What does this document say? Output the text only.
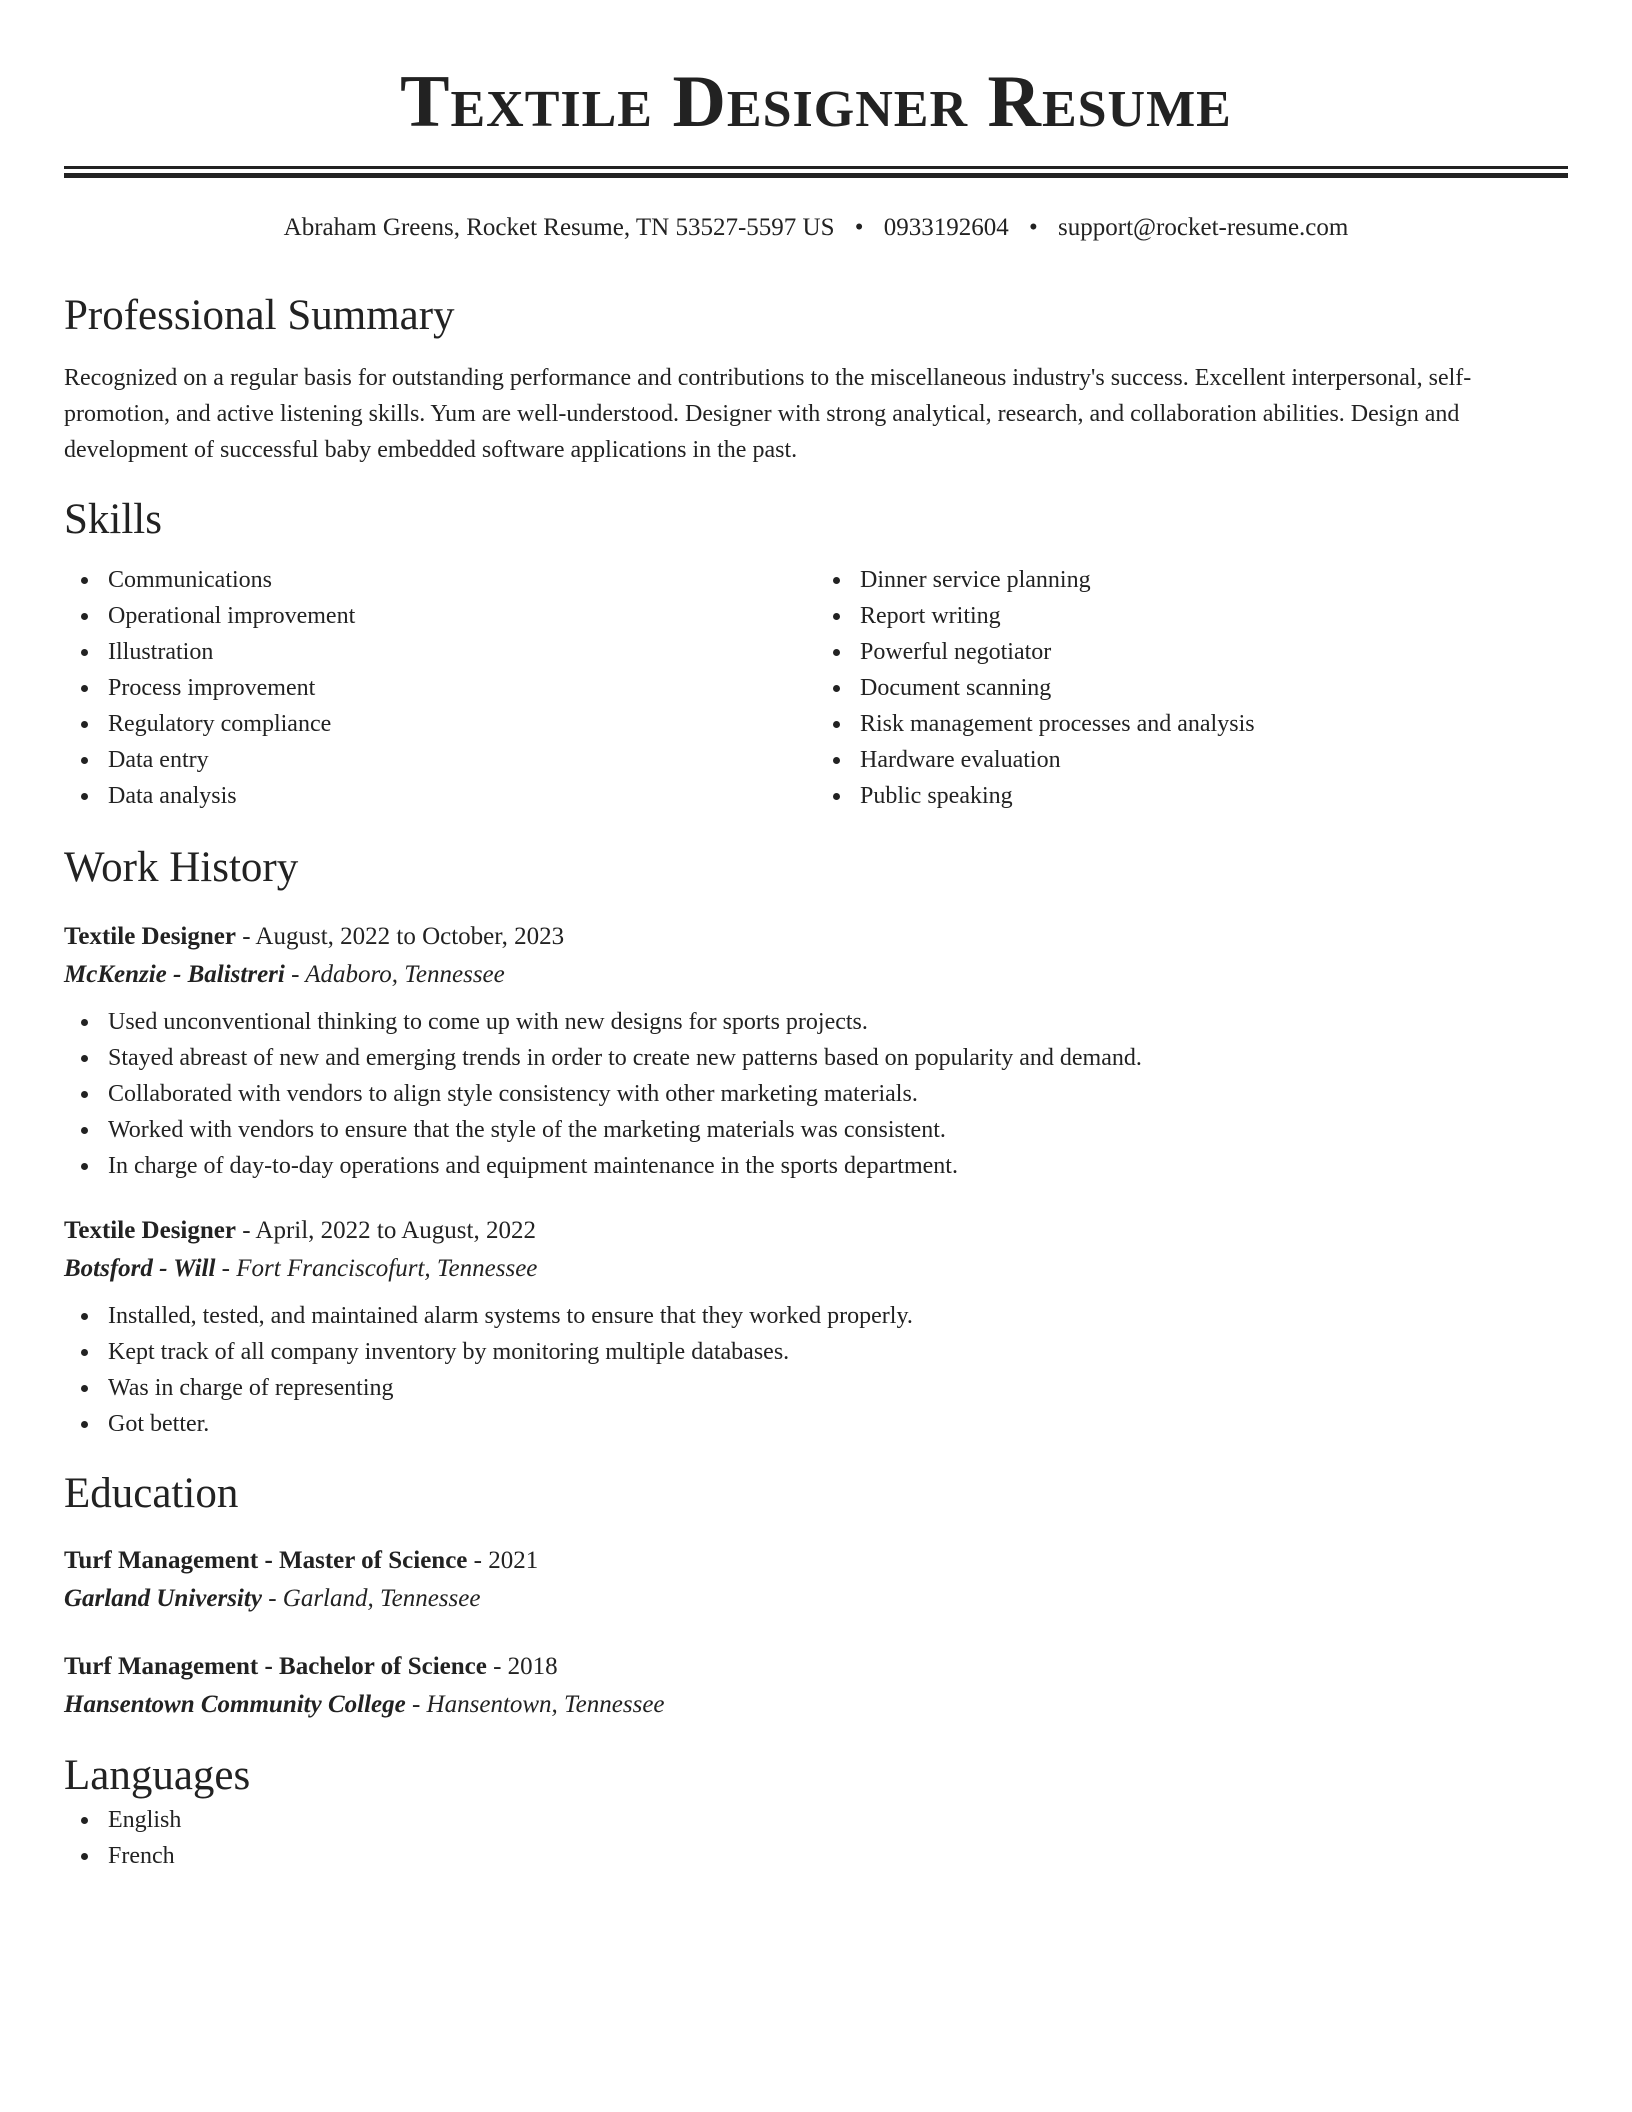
Textile Designer Resume
Abraham Greens, Rocket Resume, TN 53527-5597 US • 0933192604 • support@rocket-resume.com
Professional Summary
Recognized on a regular basis for outstanding performance and contributions to the miscellaneous industry's success. Excellent interpersonal, self-promotion, and active listening skills. Yum are well-understood. Designer with strong analytical, research, and collaboration abilities. Design and development of successful baby embedded software applications in the past.
Skills
Communications
Operational improvement
Illustration
Process improvement
Regulatory compliance
Data entry
Data analysis
Dinner service planning
Report writing
Powerful negotiator
Document scanning
Risk management processes and analysis
Hardware evaluation
Public speaking
Work History
Textile Designer - August, 2022 to October, 2023
McKenzie - Balistreri - Adaboro, Tennessee
Used unconventional thinking to come up with new designs for sports projects.
Stayed abreast of new and emerging trends in order to create new patterns based on popularity and demand.
Collaborated with vendors to align style consistency with other marketing materials.
Worked with vendors to ensure that the style of the marketing materials was consistent.
In charge of day-to-day operations and equipment maintenance in the sports department.
Textile Designer - April, 2022 to August, 2022
Botsford - Will - Fort Franciscofurt, Tennessee
Installed, tested, and maintained alarm systems to ensure that they worked properly.
Kept track of all company inventory by monitoring multiple databases.
Was in charge of representing
Got better.
Education
Turf Management - Master of Science - 2021
Garland University - Garland, Tennessee
Turf Management - Bachelor of Science - 2018
Hansentown Community College - Hansentown, Tennessee
Languages
English
French
